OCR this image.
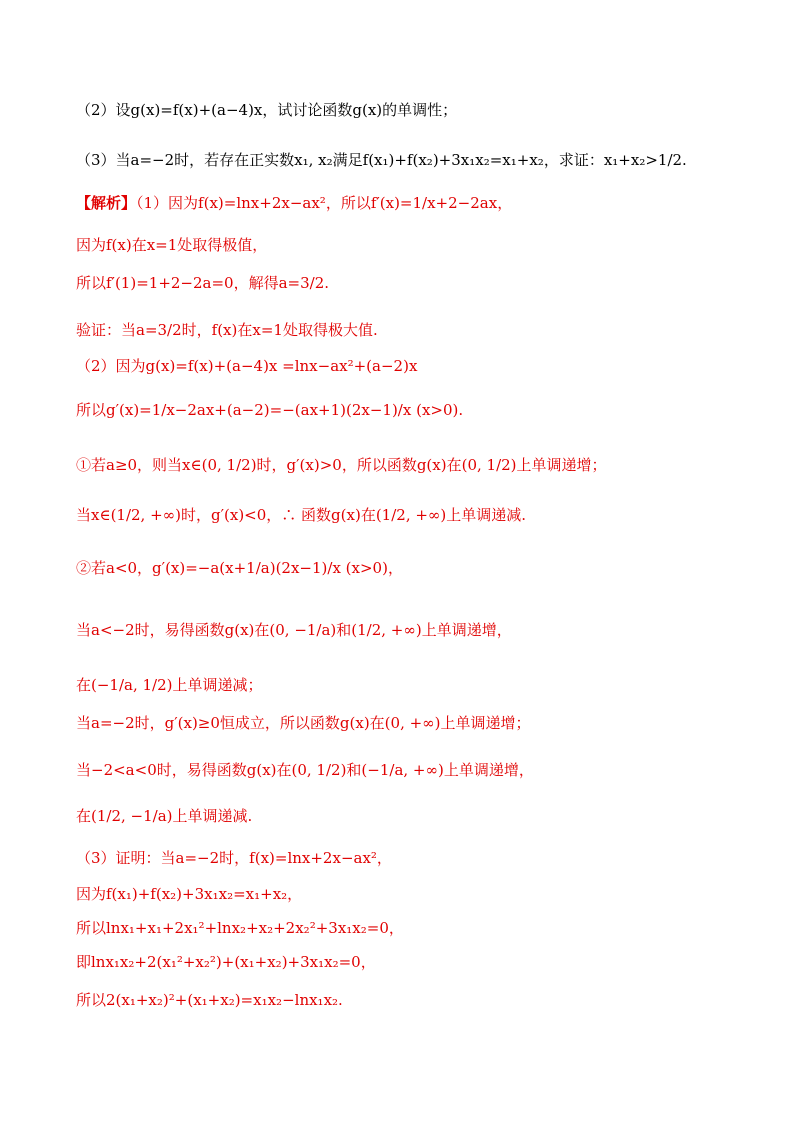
（2）设g(x)=f(x)+(a−4)x，试讨论函数g(x)的单调性；
（3）当a=−2时，若存在正实数x₁, x₂满足f(x₁)+f(x₂)+3x₁x₂=x₁+x₂，求证：x₁+x₂>1/2.
【解析】（1）因为f(x)=lnx+2x−ax²，所以f′(x)=1/x+2−2ax，
因为f(x)在x=1处取得极值，
所以f′(1)=1+2−2a=0，解得a=3/2.
验证：当a=3/2时，f(x)在x=1处取得极大值.
（2）因为g(x)=f(x)+(a−4)x =lnx−ax²+(a−2)x
所以g′(x)=1/x−2ax+(a−2)=−(ax+1)(2x−1)/x (x>0).
①若a≥0，则当x∈(0, 1/2)时，g′(x)>0，所以函数g(x)在(0, 1/2)上单调递增；
当x∈(1/2, +∞)时，g′(x)<0，∴ 函数g(x)在(1/2, +∞)上单调递减.
②若a<0，g′(x)=−a(x+1/a)(2x−1)/x (x>0)，
当a<−2时，易得函数g(x)在(0, −1/a)和(1/2, +∞)上单调递增，
在(−1/a, 1/2)上单调递减；
当a=−2时，g′(x)≥0恒成立，所以函数g(x)在(0, +∞)上单调递增；
当−2<a<0时，易得函数g(x)在(0, 1/2)和(−1/a, +∞)上单调递增，
在(1/2, −1/a)上单调递减.
（3）证明：当a=−2时，f(x)=lnx+2x−ax²，
因为f(x₁)+f(x₂)+3x₁x₂=x₁+x₂，
所以lnx₁+x₁+2x₁²+lnx₂+x₂+2x₂²+3x₁x₂=0，
即lnx₁x₂+2(x₁²+x₂²)+(x₁+x₂)+3x₁x₂=0，
所以2(x₁+x₂)²+(x₁+x₂)=x₁x₂−lnx₁x₂.
